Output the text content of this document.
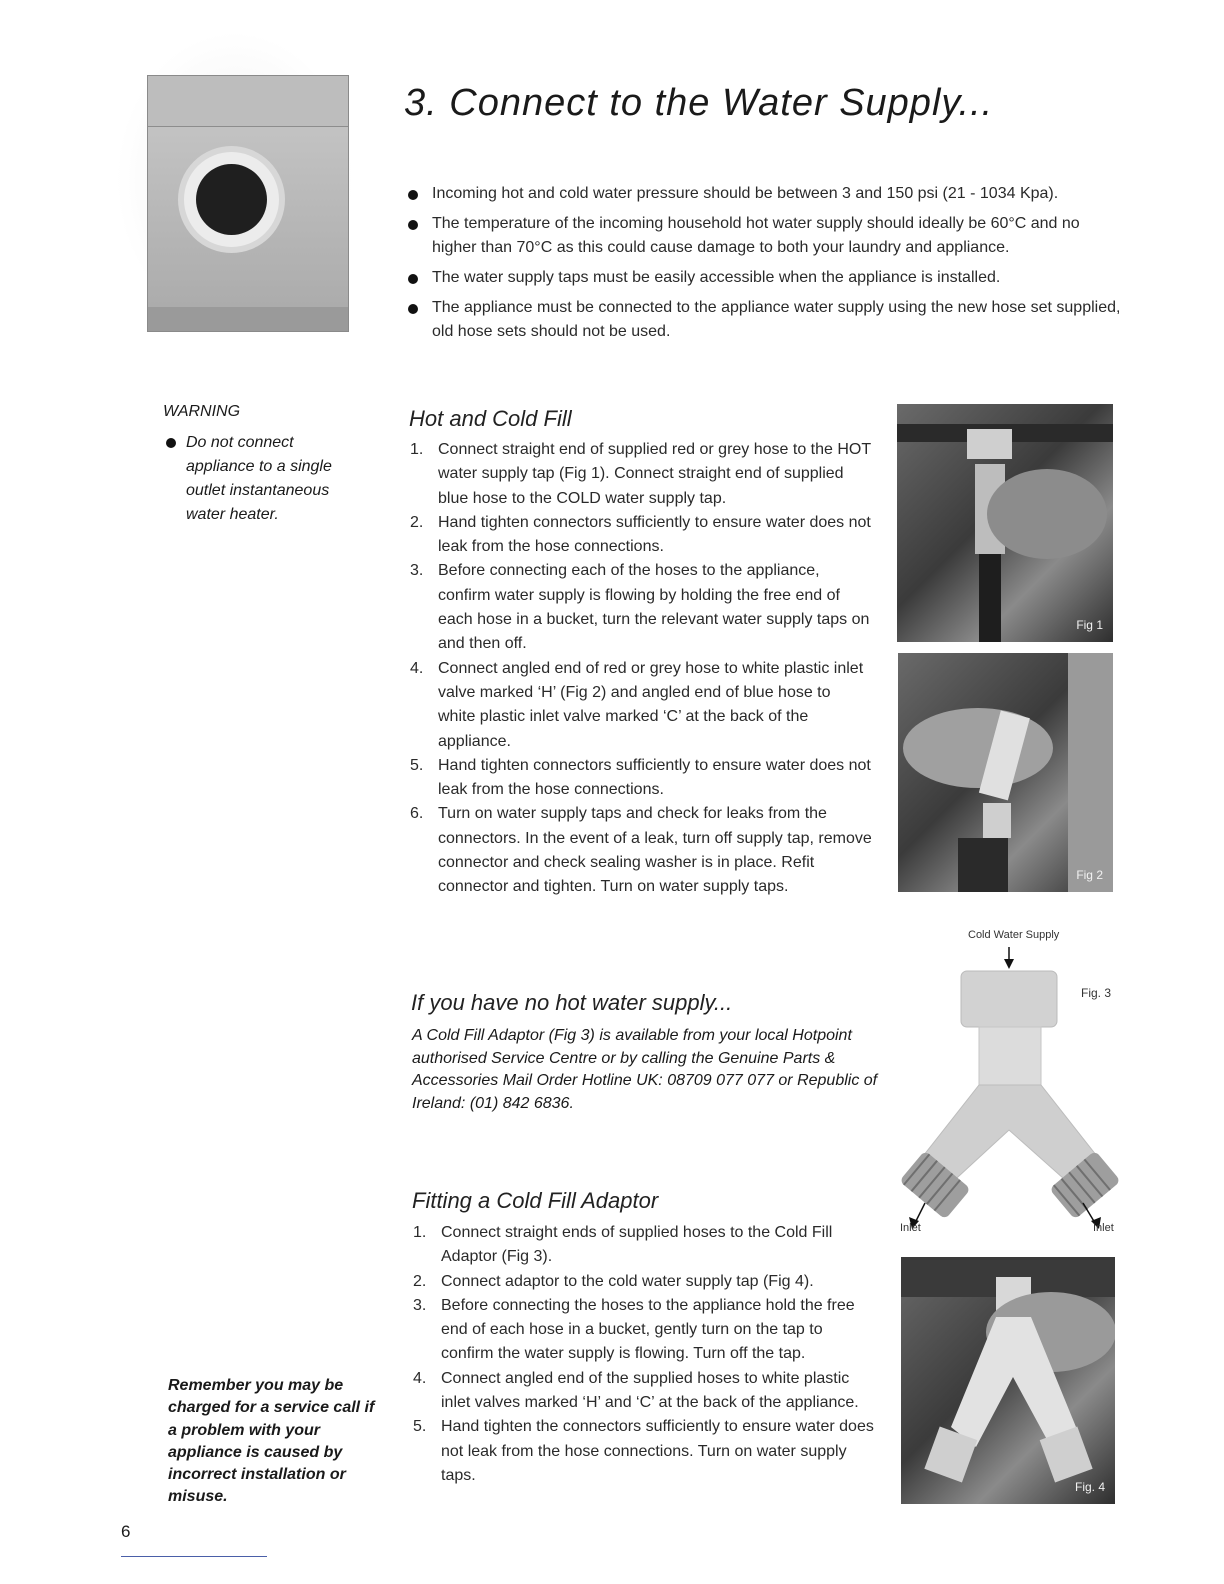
3. Connect to the Water Supply...
Incoming hot and cold water pressure should be between 3 and 150 psi (21 - 1034 Kpa).
The temperature of the incoming household hot water supply should ideally be 60°C and no higher than 70°C as this could cause damage to both your laundry and appliance.
The water supply taps must be easily accessible when the appliance is installed.
The appliance must be connected to the appliance water supply using the new hose set supplied, old hose sets should not be used.
WARNING
Do not connect appliance to a single outlet instantaneous water heater.
Hot and Cold Fill
1. Connect straight end of supplied red or grey hose to the HOT water supply tap (Fig 1). Connect straight end of supplied blue hose to the COLD water supply tap.
2. Hand tighten connectors sufficiently to ensure water does not leak from the hose connections.
3. Before connecting each of the hoses to the appliance, confirm water supply is flowing by holding the free end of each hose in a bucket, turn the relevant water supply taps on and then off.
4. Connect angled end of red or grey hose to white plastic inlet valve marked ‘H’ (Fig 2) and angled end of blue hose to white plastic inlet valve marked ‘C’ at the back of the appliance.
5. Hand tighten connectors sufficiently to ensure water does not leak from the hose connections.
6. Turn on water supply taps and check for leaks from the connectors. In the event of a leak, turn off supply tap, remove connector and check sealing washer is in place. Refit connector and tighten. Turn on water supply taps.
Fig 1
Fig 2
If you have no hot water supply...
A Cold Fill Adaptor (Fig 3) is available from your local Hotpoint authorised Service Centre or by calling the Genuine Parts & Accessories Mail Order Hotline UK: 08709 077 077 or Republic of Ireland: (01) 842 6836.
Cold Water Supply
Fig. 3
Inlet	Inlet
Fitting a Cold Fill Adaptor
1. Connect straight ends of supplied hoses to the Cold Fill Adaptor (Fig 3).
2. Connect adaptor to the cold water supply tap (Fig 4).
3. Before connecting the hoses to the appliance hold the free end of each hose in a bucket, gently turn on the tap to confirm the water supply is flowing. Turn off the tap.
4. Connect angled end of the supplied hoses to white plastic inlet valves marked ‘H’ and ‘C’ at the back of the appliance.
5. Hand tighten the connectors sufficiently to ensure water does not leak from the hose connections. Turn on water supply taps.
Fig. 4
Remember you may be charged for a service call if a problem with your appliance is caused by incorrect installation or misuse.
6
